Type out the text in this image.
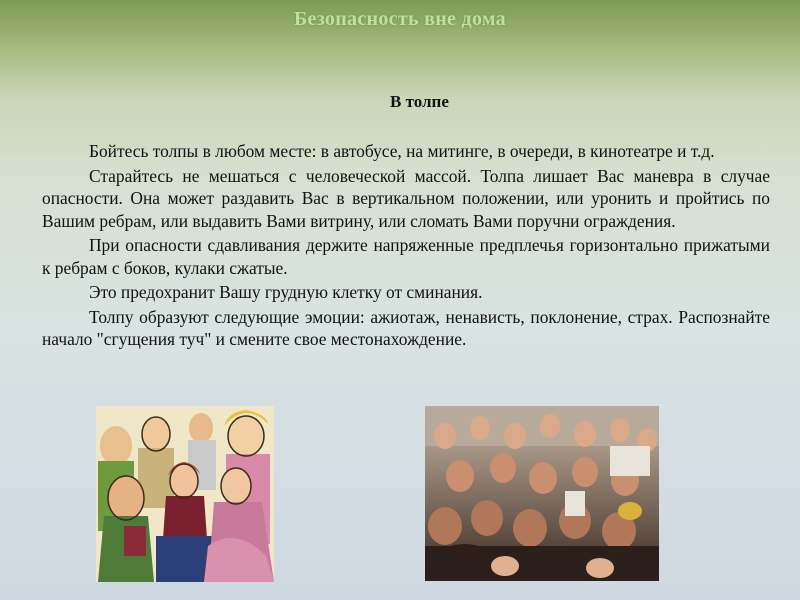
Безопасность вне дома
В толпе

Бойтесь толпы в любом месте: в автобусе, на митинге, в очереди, в кинотеатре и т.д.

Старайтесь не мешаться с человеческой массой. Толпа лишает Вас маневра в случае опасности. Она может раздавить Вас в вертикальном положении, или уронить и пройтись по Вашим ребрам, или выдавить Вами витрину, или сломать Вами поручни ограждения.

При опасности сдавливания держите напряженные предплечья горизонтально прижатыми к ребрам с боков, кулаки сжатые.

Это предохранит Вашу грудную клетку от сминания.

Толпу образуют следующие эмоции: ажиотаж, ненависть, поклонение, страх. Распознайте начало "сгущения туч" и смените свое местонахождение.
